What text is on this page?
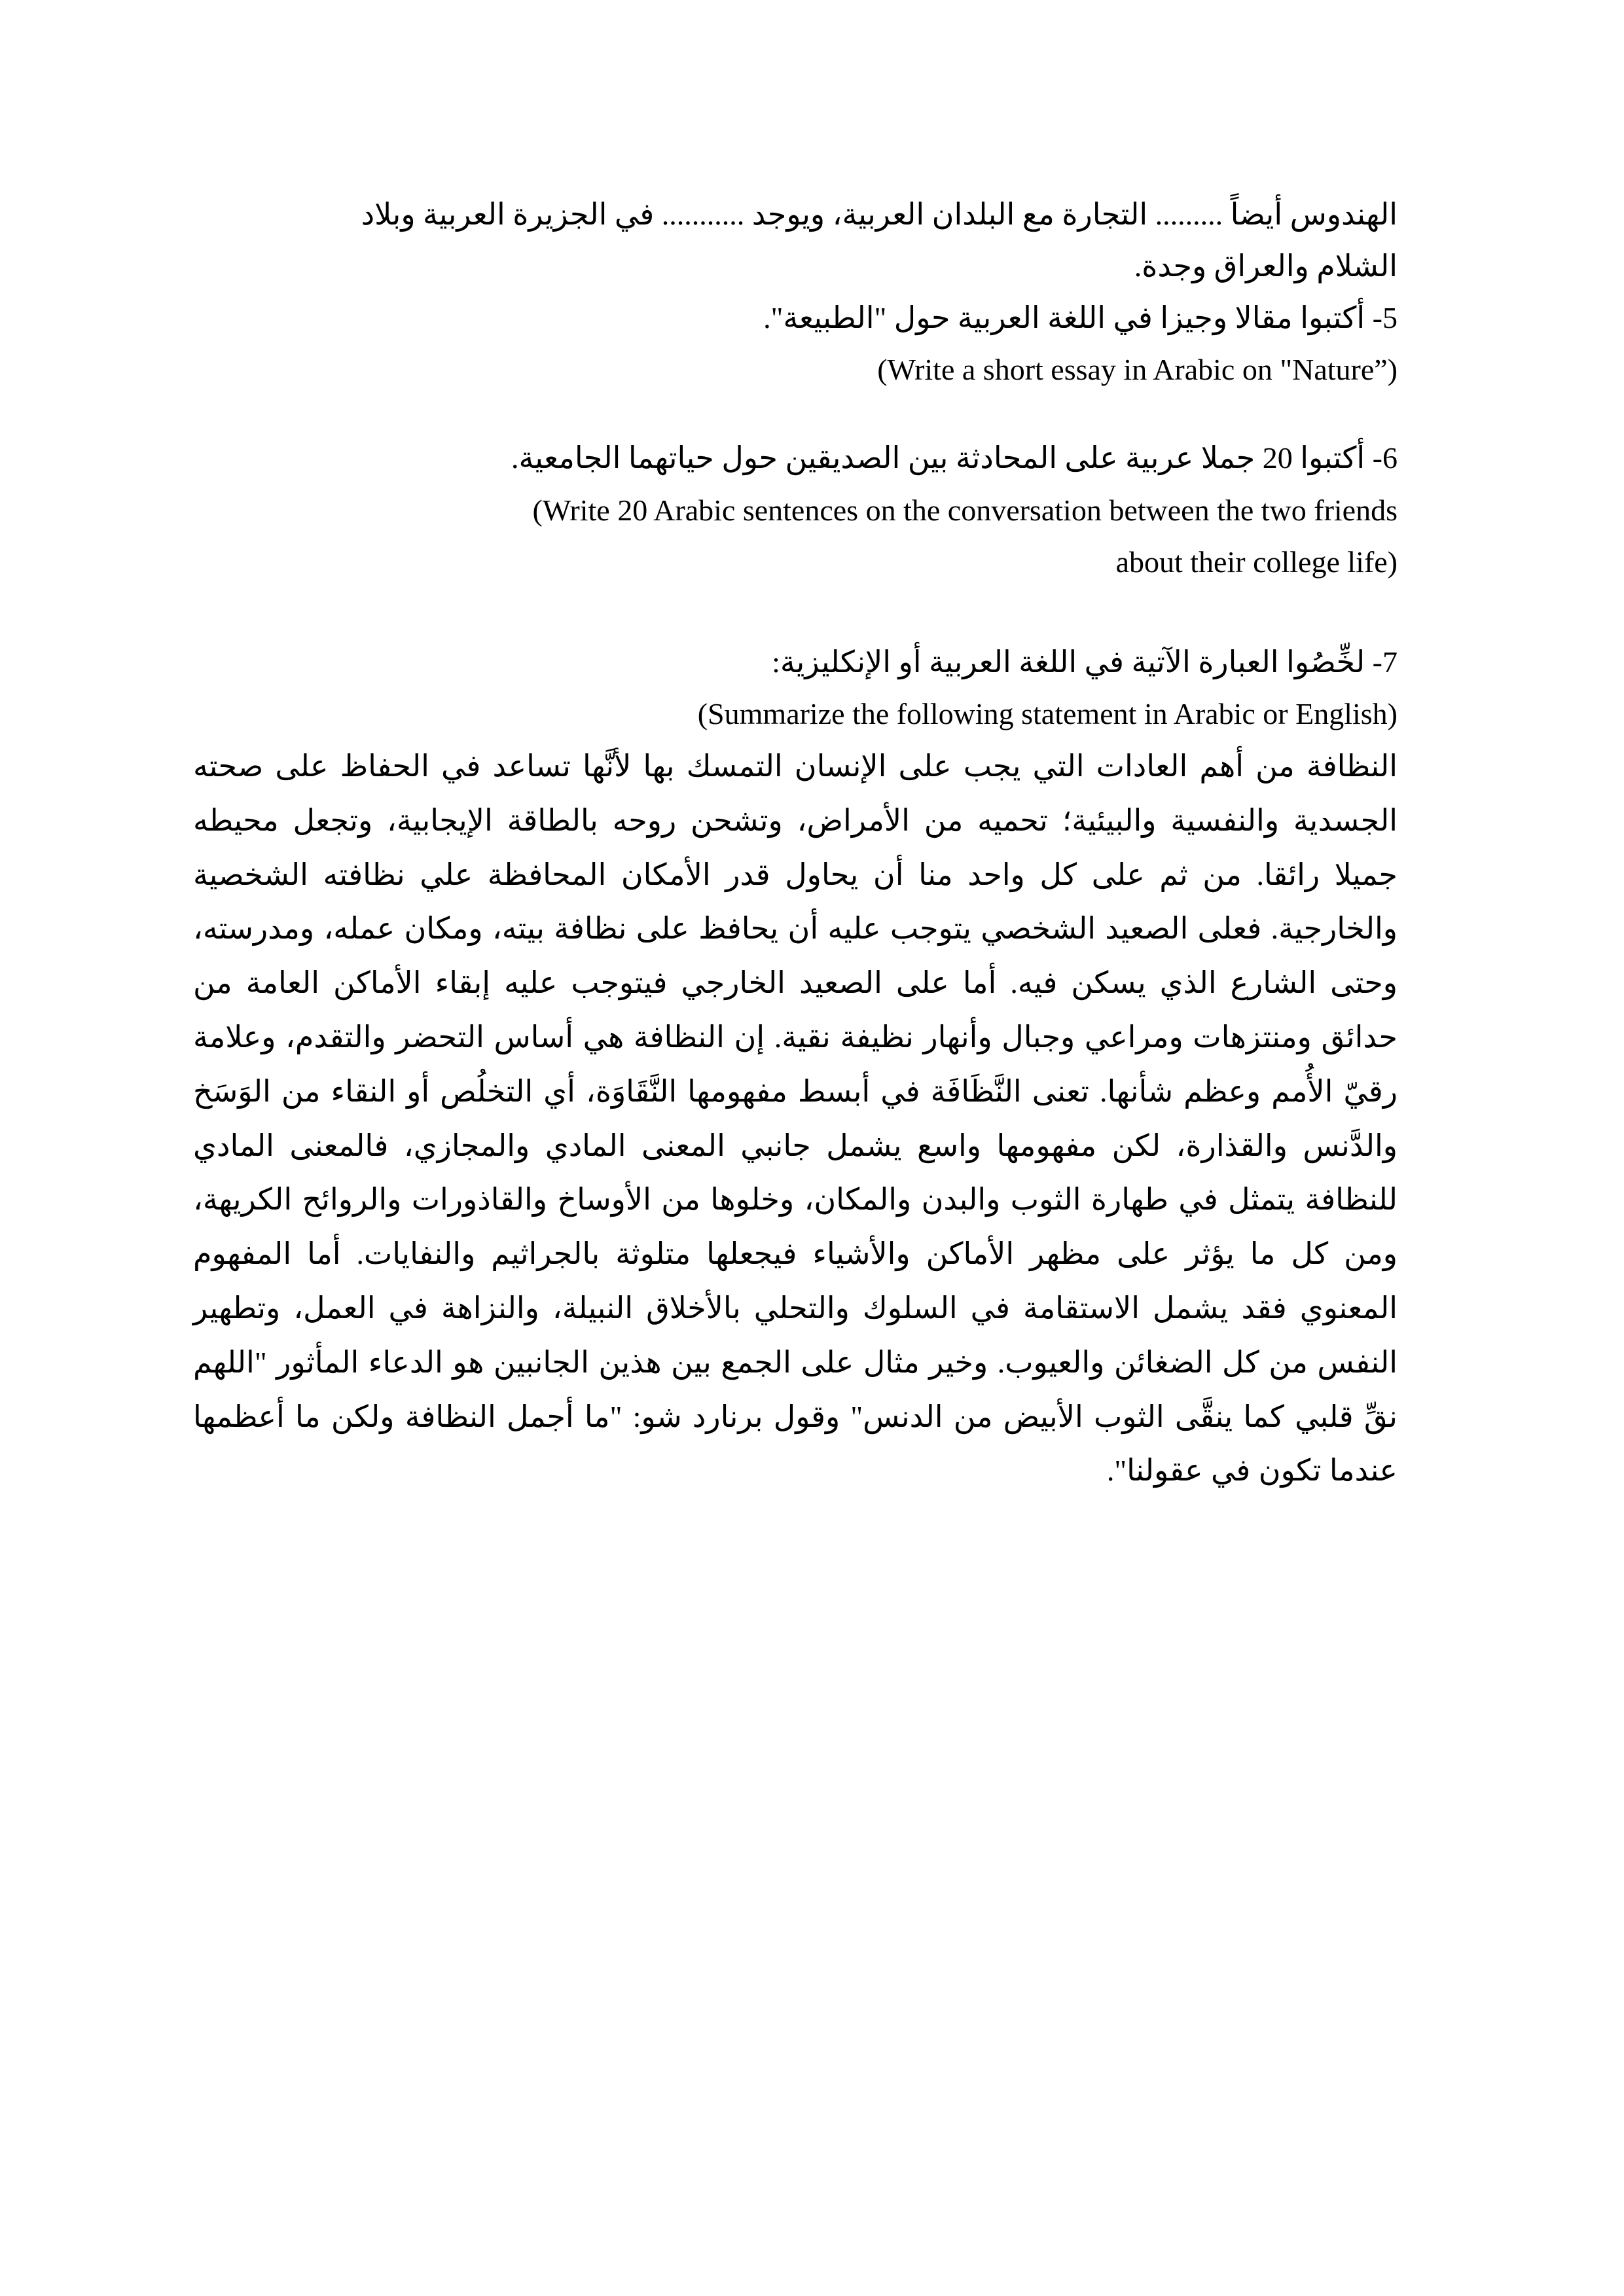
الهندوس أيضاً ......... التجارة مع البلدان العربية، ويوجد ........... في الجزيرة العربية وبلاد
الشلام والعراق وجدة.
5- أكتبوا مقالا وجيزا في اللغة العربية حول "الطبيعة".
(Write a short essay in Arabic on "Nature”)
6- أكتبوا 20 جملا عربية على المحادثة بين الصديقين حول حياتهما الجامعية.
(Write 20 Arabic sentences on the conversation between the two friends
about their college life)
7- لخِّصُوا العبارة الآتية في اللغة العربية أو الإنكليزية:
(Summarize the following statement in Arabic or English)
النظافة من أهم العادات التي يجب على الإنسان التمسك بها لأنَّها تساعد في الحفاظ على صحته الجسدية والنفسية والبيئية؛ تحميه من الأمراض، وتشحن روحه بالطاقة الإيجابية، وتجعل محيطه جميلا رائقا. من ثم على كل واحد منا أن يحاول قدر الأمكان المحافظة علي نظافته الشخصية والخارجية. فعلى الصعيد الشخصي يتوجب عليه أن يحافظ على نظافة بيته، ومكان عمله، ومدرسته، وحتى الشارع الذي يسكن فيه. أما على الصعيد الخارجي فيتوجب عليه إبقاء الأماكن العامة من حدائق ومنتزهات ومراعي وجبال وأنهار نظيفة نقية. إن النظافة هي أساس التحضر والتقدم، وعلامة رقيّ الأُمم وعظم شأنها. تعنى النَّظَافَة في أبسط مفهومها النَّقَاوَة، أي التخلُص أو النقاء من الوَسَخ والدَّنس والقذارة، لكن مفهومها واسع يشمل جانبي المعنى المادي والمجازي، فالمعنى المادي للنظافة يتمثل في طهارة الثوب والبدن والمكان، وخلوها من الأوساخ والقاذورات والروائح الكريهة، ومن كل ما يؤثر على مظهر الأماكن والأشياء فيجعلها متلوثة بالجراثيم والنفايات. أما المفهوم المعنوي فقد يشمل الاستقامة في السلوك والتحلي بالأخلاق النبيلة، والنزاهة في العمل، وتطهير النفس من كل الضغائن والعيوب. وخير مثال على الجمع بين هذين الجانبين هو الدعاء المأثور "اللهم نقِّ قلبي كما ينقَّى الثوب الأبيض من الدنس" وقول برنارد شو: "ما أجمل النظافة ولكن ما أعظمها عندما تكون في عقولنا".
